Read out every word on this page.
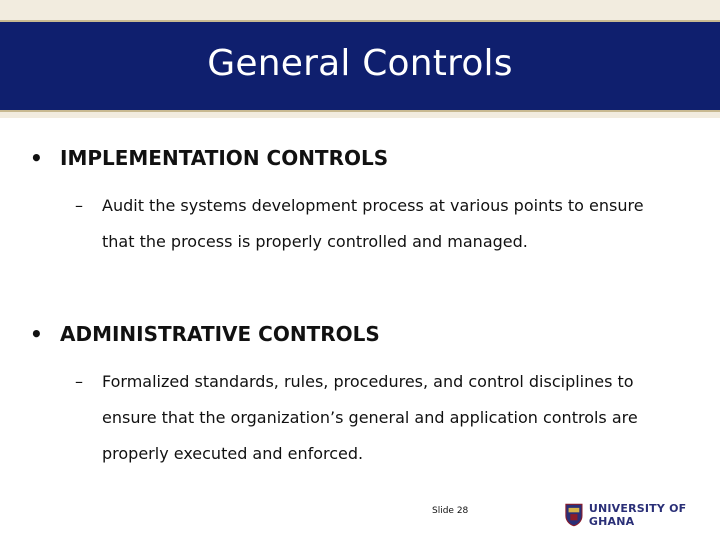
General Controls
• IMPLEMENTATION CONTROLS
–	Audit the systems development process at various points to ensure that the process is properly controlled and managed.
• ADMINISTRATIVE CONTROLS
–	Formalized standards, rules, procedures, and control disciplines to ensure that the organization’s general and application controls are properly executed and enforced.
Slide 28	UNIVERSITY OF GHANA
